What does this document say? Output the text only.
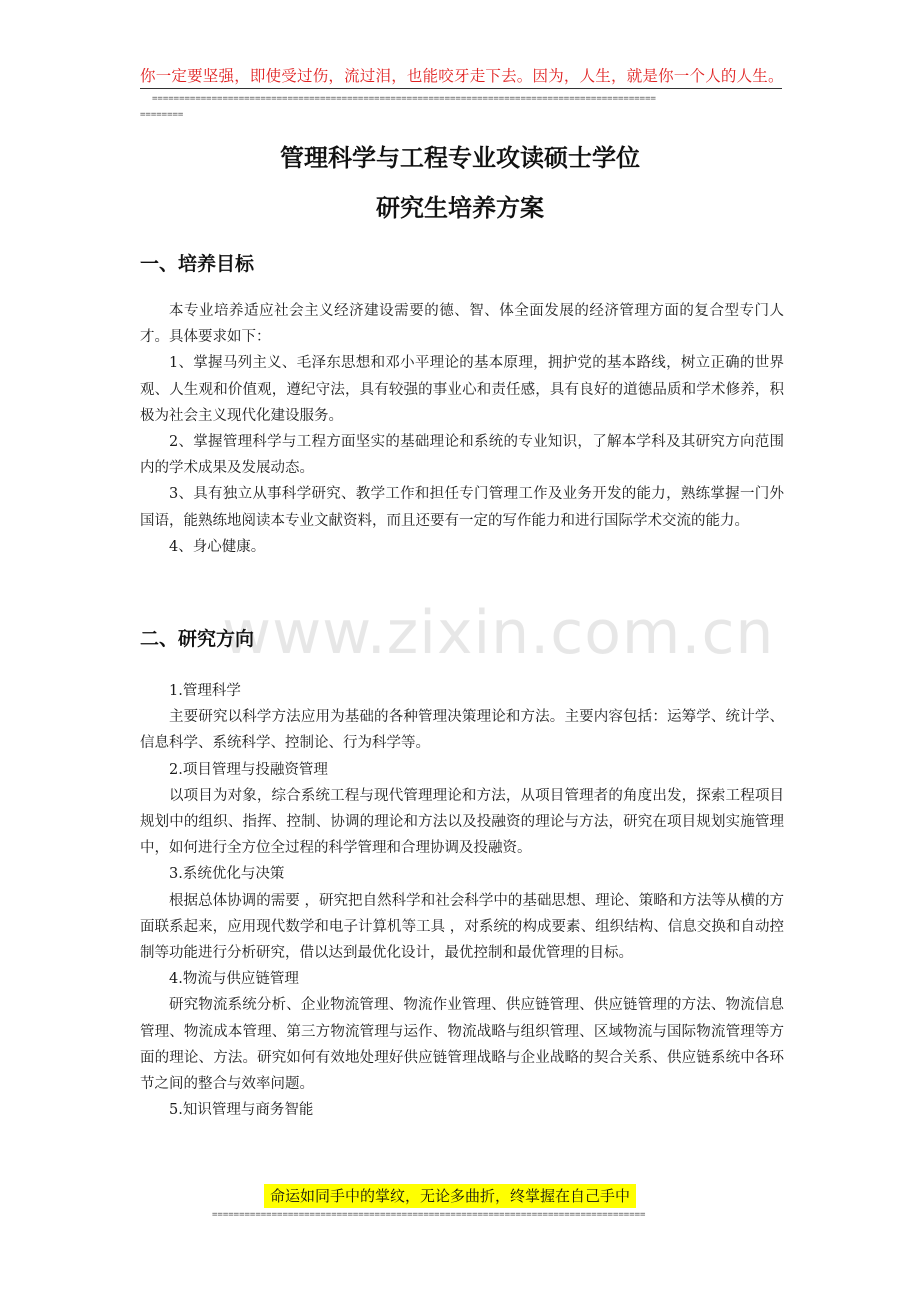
你一定要坚强，即使受过伤，流过泪，也能咬牙走下去。因为，人生，就是你一个人的人生。
=============================================================================================
========
管理科学与工程专业攻读硕士学位
研究生培养方案
一、培养目标

本专业培养适应社会主义经济建设需要的德、智、体全面发展的经济管理方面的复合型专门人才。具体要求如下：

1、掌握马列主义、毛泽东思想和邓小平理论的基本原理，拥护党的基本路线，树立正确的世界观、人生观和价值观，遵纪守法，具有较强的事业心和责任感，具有良好的道德品质和学术修养，积极为社会主义现代化建设服务。

2、掌握管理科学与工程方面坚实的基础理论和系统的专业知识，了解本学科及其研究方向范围内的学术成果及发展动态。

3、具有独立从事科学研究、教学工作和担任专门管理工作及业务开发的能力，熟练掌握一门外国语，能熟练地阅读本专业文献资料，而且还要有一定的写作能力和进行国际学术交流的能力。

4、身心健康。

www.zixin.com.cn
二、研究方向

1.管理科学

主要研究以科学方法应用为基础的各种管理决策理论和方法。主要内容包括：运筹学、统计学、信息科学、系统科学、控制论、行为科学等。

2.项目管理与投融资管理

以项目为对象，综合系统工程与现代管理理论和方法，从项目管理者的角度出发，探索工程项目规划中的组织、指挥、控制、协调的理论和方法以及投融资的理论与方法，研究在项目规划实施管理中，如何进行全方位全过程的科学管理和合理协调及投融资。

3.系统优化与决策

根据总体协调的需要 ，研究把自然科学和社会科学中的基础思想、理论、策略和方法等从横的方面联系起来，应用现代数学和电子计算机等工具 ，对系统的构成要素、组织结构、信息交换和自动控制等功能进行分析研究，借以达到最优化设计，最优控制和最优管理的目标。

4.物流与供应链管理

研究物流系统分析、企业物流管理、物流作业管理、供应链管理、供应链管理的方法、物流信息管理、物流成本管理、第三方物流管理与运作、物流战略与组织管理、区域物流与国际物流管理等方面的理论、方法。研究如何有效地处理好供应链管理战略与企业战略的契合关系、供应链系统中各环节之间的整合与效率问题。

5.知识管理与商务智能

命运如同手中的掌纹，无论多曲折，终掌握在自己手中
================================================================================
